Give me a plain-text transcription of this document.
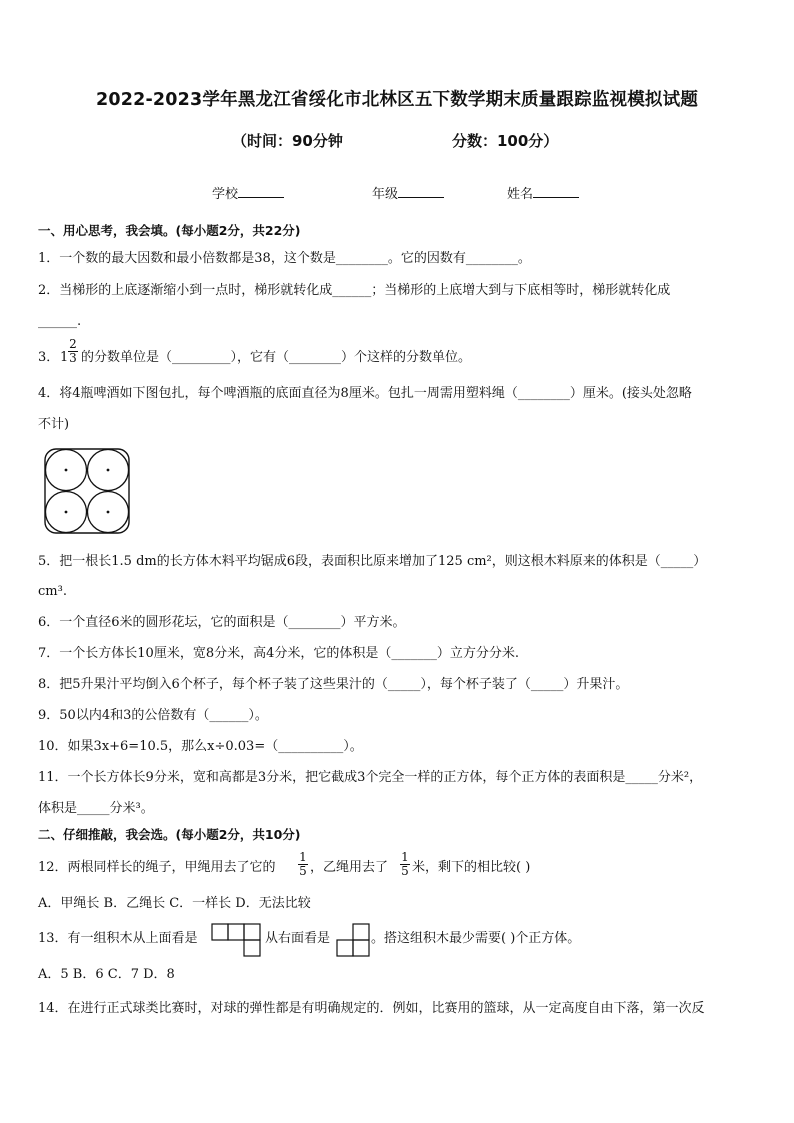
2022-2023学年黑龙江省绥化市北林区五下数学期末质量跟踪监视模拟试题
（时间：90分钟	分数：100分）
学校	年级	姓名
一、用心思考，我会填。(每小题2分，共22分)
1．一个数的最大因数和最小倍数都是38，这个数是________。它的因数有________。
2．当梯形的上底逐渐缩小到一点时，梯形就转化成______；当梯形的上底增大到与下底相等时，梯形就转化成
______.
3． $1 \frac{2}{3}$ 的分数单位是（_________），它有（________）个这样的分数单位。
4．将4瓶啤酒如下图包扎，每个啤酒瓶的底面直径为8厘米。包扎一周需用塑料绳（________）厘米。(接头处忽略
不计)
5．把一根长1.5 dm的长方体木料平均锯成6段，表面积比原来增加了125 cm²，则这根木料原来的体积是（_____）
cm³.
6．一个直径6米的圆形花坛，它的面积是（________）平方米。
7．一个长方体长10厘米，宽8分米，高4分米，它的体积是（_______）立方分分米.
8．把5升果汁平均倒入6个杯子，每个杯子装了这些果汁的（_____），每个杯子装了（_____）升果汁。
9．50以内4和3的公倍数有（______）。
10．如果3x+6=10.5，那么x÷0.03=（__________）。
11．一个长方体长9分米，宽和高都是3分米，把它截成3个完全一样的正方体，每个正方体的表面积是_____分米²，
体积是_____分米³。
二、仔细推敲，我会选。(每小题2分，共10分)
12．两根同样长的绳子，甲绳用去了它的 $\frac{1}{5}$ ，乙绳用去了 $\frac{1}{5}$ 米，剩下的相比较( )
A．甲绳长 B．乙绳长 C．一样长 D．无法比较
13．有一组积木从上面看是	从右面看是	。搭这组积木最少需要( )个正方体。
A．5 B．6 C．7 D．8
14．在进行正式球类比赛时，对球的弹性都是有明确规定的．例如，比赛用的篮球，从一定高度自由下落，第一次反
